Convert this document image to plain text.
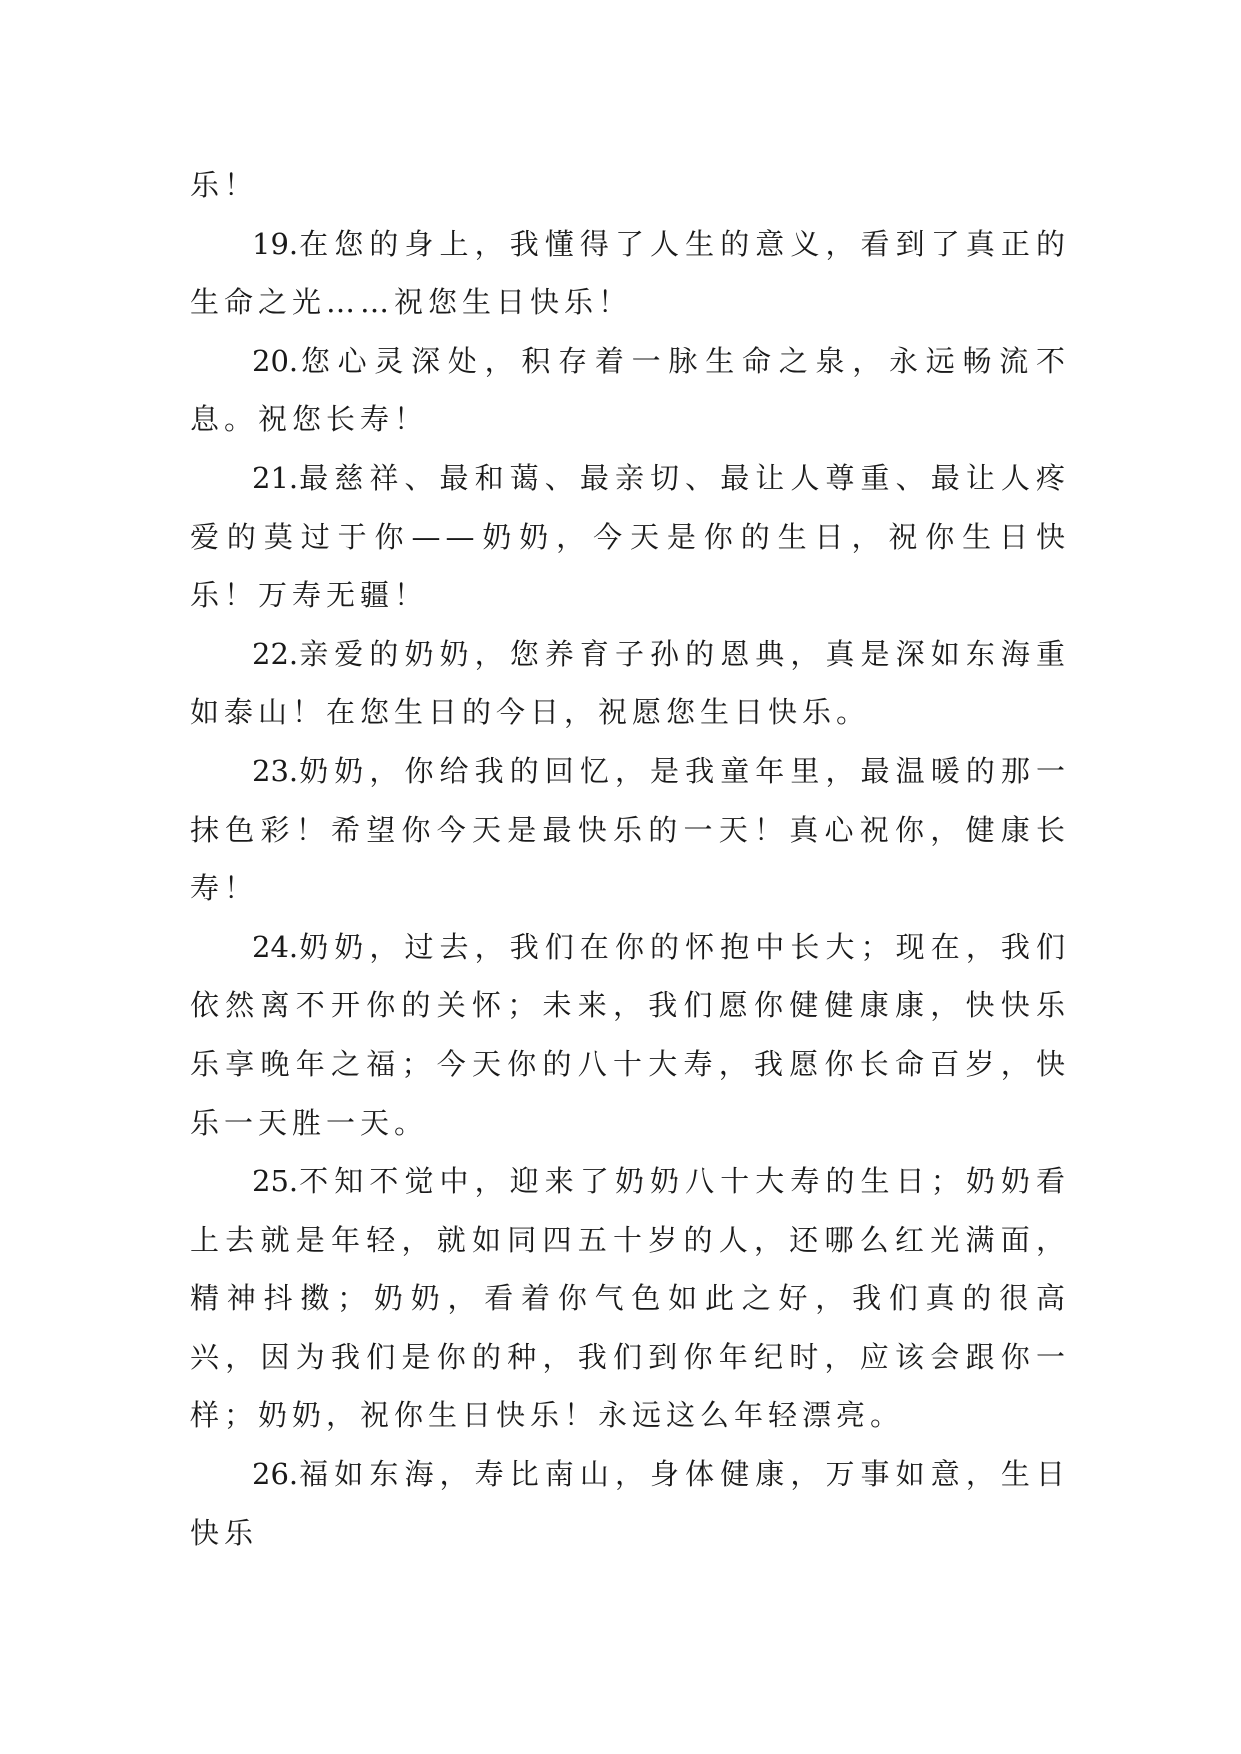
乐！

19.在您的身上，我懂得了人生的意义，看到了真正的生命之光……祝您生日快乐！

20.您心灵深处，积存着一脉生命之泉，永远畅流不息。祝您长寿！

21.最慈祥、最和蔼、最亲切、最让人尊重、最让人疼爱的莫过于你——奶奶，今天是你的生日，祝你生日快乐！万寿无疆！

22.亲爱的奶奶，您养育子孙的恩典，真是深如东海重如泰山！在您生日的今日，祝愿您生日快乐。

23.奶奶，你给我的回忆，是我童年里，最温暖的那一抹色彩！希望你今天是最快乐的一天！真心祝你，健康长寿！

24.奶奶，过去，我们在你的怀抱中长大；现在，我们依然离不开你的关怀；未来，我们愿你健健康康，快快乐乐享晚年之福；今天你的八十大寿，我愿你长命百岁，快乐一天胜一天。

25.不知不觉中，迎来了奶奶八十大寿的生日；奶奶看上去就是年轻，就如同四五十岁的人，还哪么红光满面，精神抖擞；奶奶，看着你气色如此之好，我们真的很高兴，因为我们是你的种，我们到你年纪时，应该会跟你一样；奶奶，祝你生日快乐！永远这么年轻漂亮。

26.福如东海，寿比南山，身体健康，万事如意，生日快乐
